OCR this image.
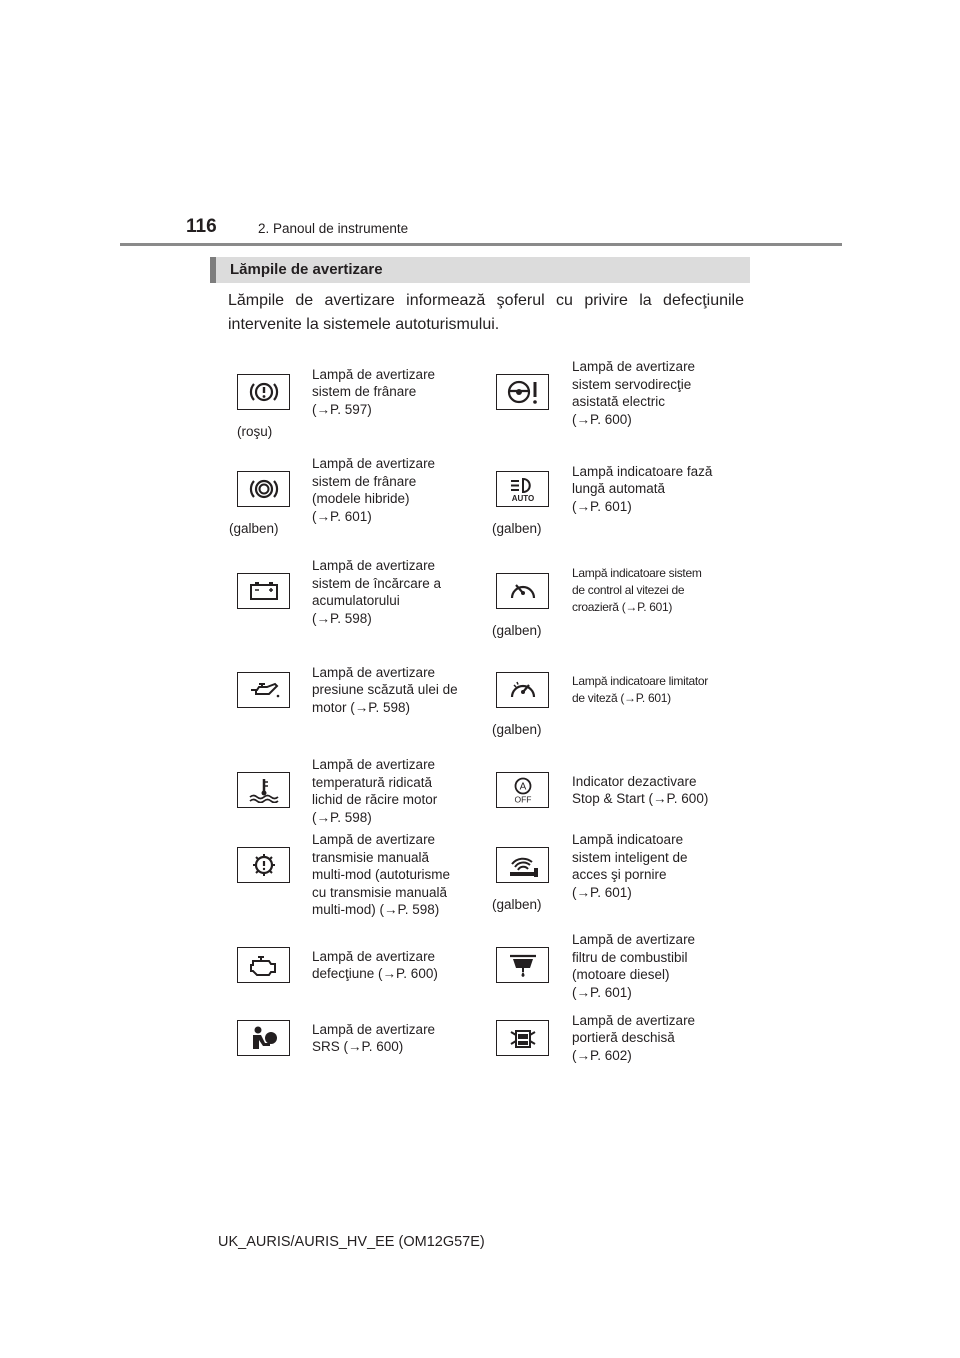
116	2. Panoul de instrumente
Lămpile de avertizare
Lămpile de avertizare informează şoferul cu privire la defecţiunile intervenite la sistemele autoturismului.
(roşu)
Lampă de avertizare
sistem de frânare
(→P. 597)
Lampă de avertizare
sistem servodirecţie
asistată electric
(→P. 600)
(galben)
Lampă de avertizare
sistem de frânare
(modele hibride)
(→P. 601)
AUTO
(galben)
Lampă indicatoare fază
lungă automată
(→P. 601)
Lampă de avertizare
sistem de încărcare a
acumulatorului
(→P. 598)
(galben)
Lampă indicatoare sistem
de control al vitezei de
croazieră (→P. 601)
Lampă de avertizare
presiune scăzută ulei de
motor (→P. 598)
(galben)
Lampă indicatoare limitator
de viteză (→P. 601)
Lampă de avertizare
temperatură ridicată
lichid de răcire motor
(→P. 598)
A
OFF
Indicator dezactivare
Stop & Start (→P. 600)
Lampă de avertizare
transmisie manuală
multi-mod (autoturisme
cu transmisie manuală
multi-mod) (→P. 598)	(galben)
Lampă indicatoare
sistem inteligent de
acces şi pornire
(→P. 601)
Lampă de avertizare
defecţiune (→P. 600)
Lampă de avertizare
filtru de combustibil
(motoare diesel)
(→P. 601)
Lampă de avertizare
SRS (→P. 600)
Lampă de avertizare
portieră deschisă
(→P. 602)
UK_AURIS/AURIS_HV_EE (OM12G57E)
